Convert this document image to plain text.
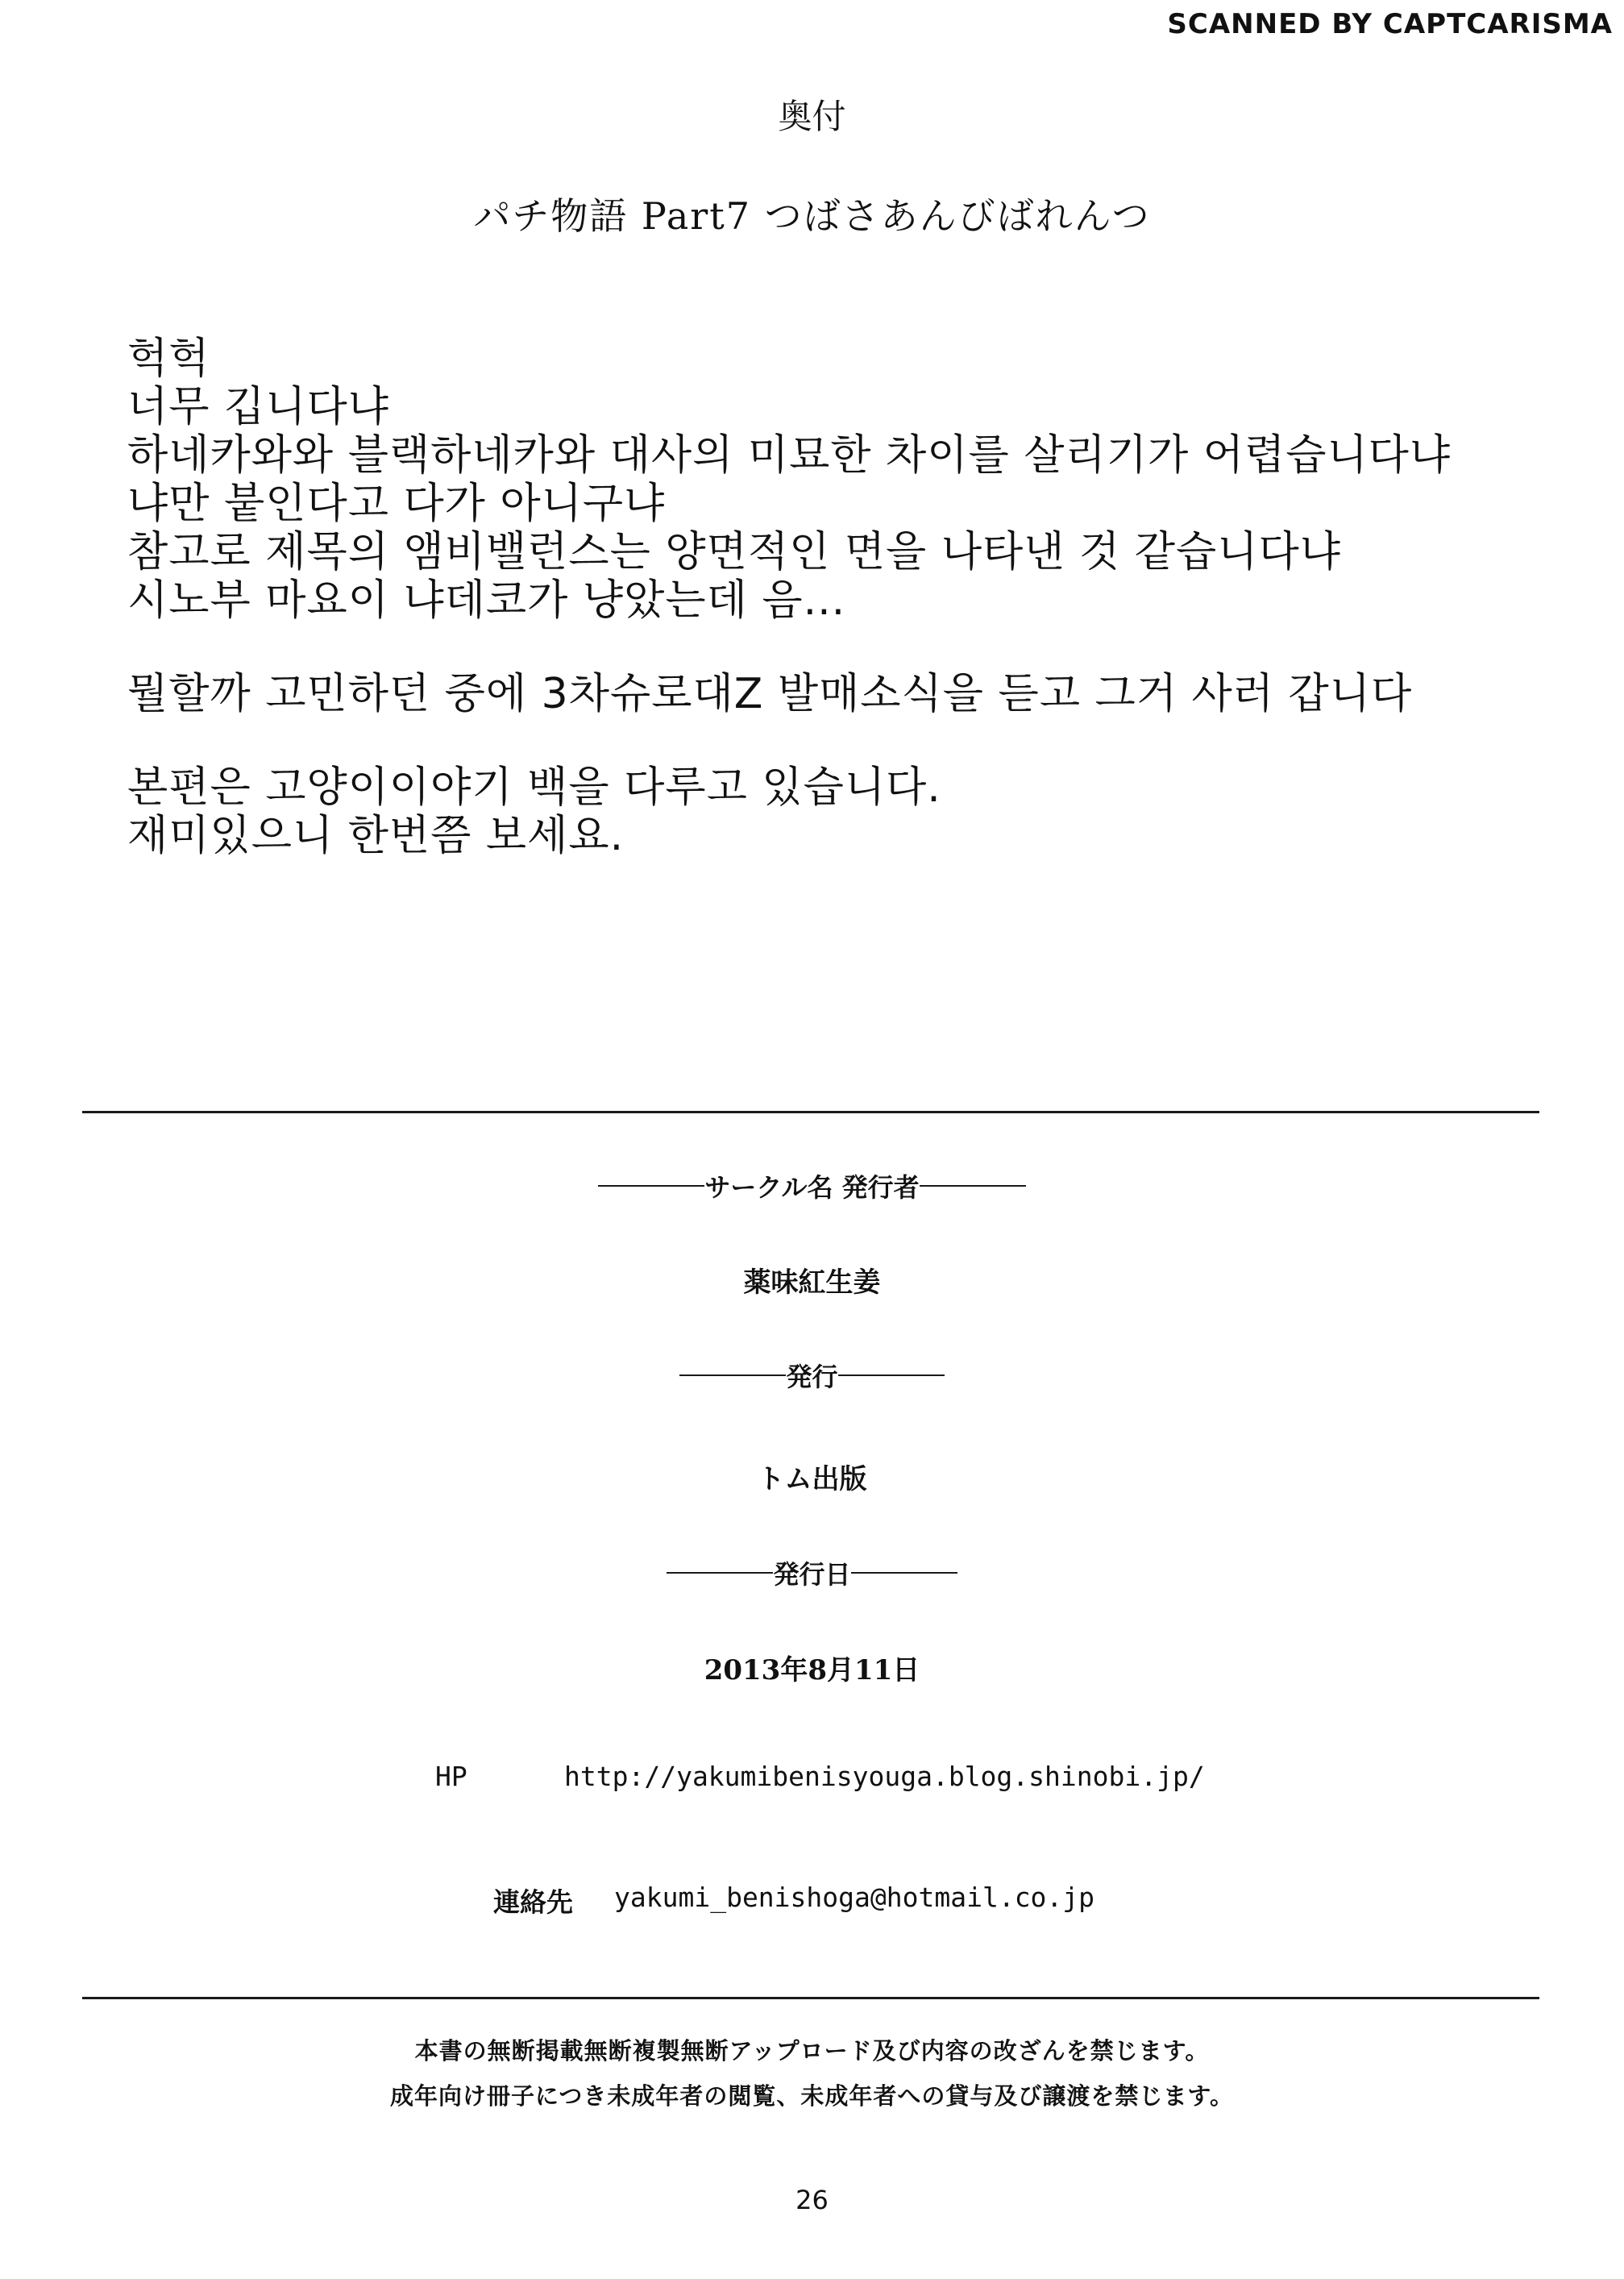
SCANNED BY CAPTCARISMA
奥付
パチ物語 Part7 つばさあんびばれんつ
헉헉
너무 깁니다냐
하네카와와 블랙하네카와 대사의 미묘한 차이를 살리기가 어렵습니다냐
냐만 붙인다고 다가 아니구냐
참고로 제목의 앰비밸런스는 양면적인 면을 나타낸 것 같습니다냐
시노부 마요이 냐데코가 냥았는데 음...
뭘할까 고민하던 중에 3차슈로대Z 발매소식을 듣고 그거 사러 갑니다
본편은 고양이이야기 백을 다루고 있습니다.
재미있으니 한번쯤 보세요.
サークル名 発行者
薬味紅生姜
発行
トム出版
発行日
2013年8月11日
HP	http://yakumibenisyouga.blog.shinobi.jp/
連絡先 yakumi_benishoga@hotmail.co.jp
本書の無断掲載無断複製無断アップロード及び内容の改ざんを禁じます。
成年向け冊子につき未成年者の閲覧、未成年者への貸与及び譲渡を禁じます。
26
